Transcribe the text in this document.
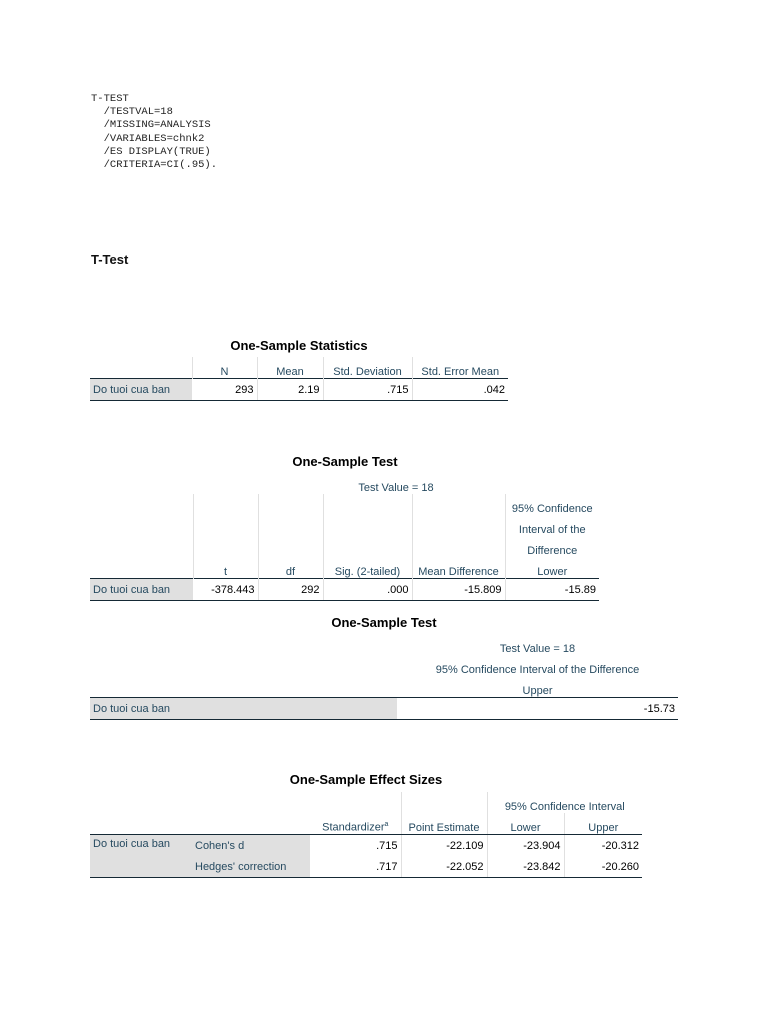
T-TEST
/TESTVAL=18
/MISSING=ANALYSIS
/VARIABLES=chnk2
/ES DISPLAY(TRUE)
/CRITERIA=CI(.95).
T-Test
One-Sample Statistics
	N	Mean	Std. Deviation	Std. Error Mean
Do tuoi cua ban	293	2.19	.715	.042
One-Sample Test
	Test Value = 18				
					95% Confidence
					Interval of the
					Difference
	t	df	Sig. (2-tailed)	Mean Difference	Lower
Do tuoi cua ban	-378.443	292	.000	-15.809	-15.89
One-Sample Test
	Test Value = 18
	95% Confidence Interval of the Difference
	Upper
Do tuoi cua ban	-15.73
One-Sample Effect Sizes
				95% Confidence Interval	
		Standardizer$^a$	Point Estimate	Lower	Upper
Do tuoi cua ban	Cohen's d	.715	-22.109	-23.904	-20.312
	Hedges' correction	.717	-22.052	-23.842	-20.260
